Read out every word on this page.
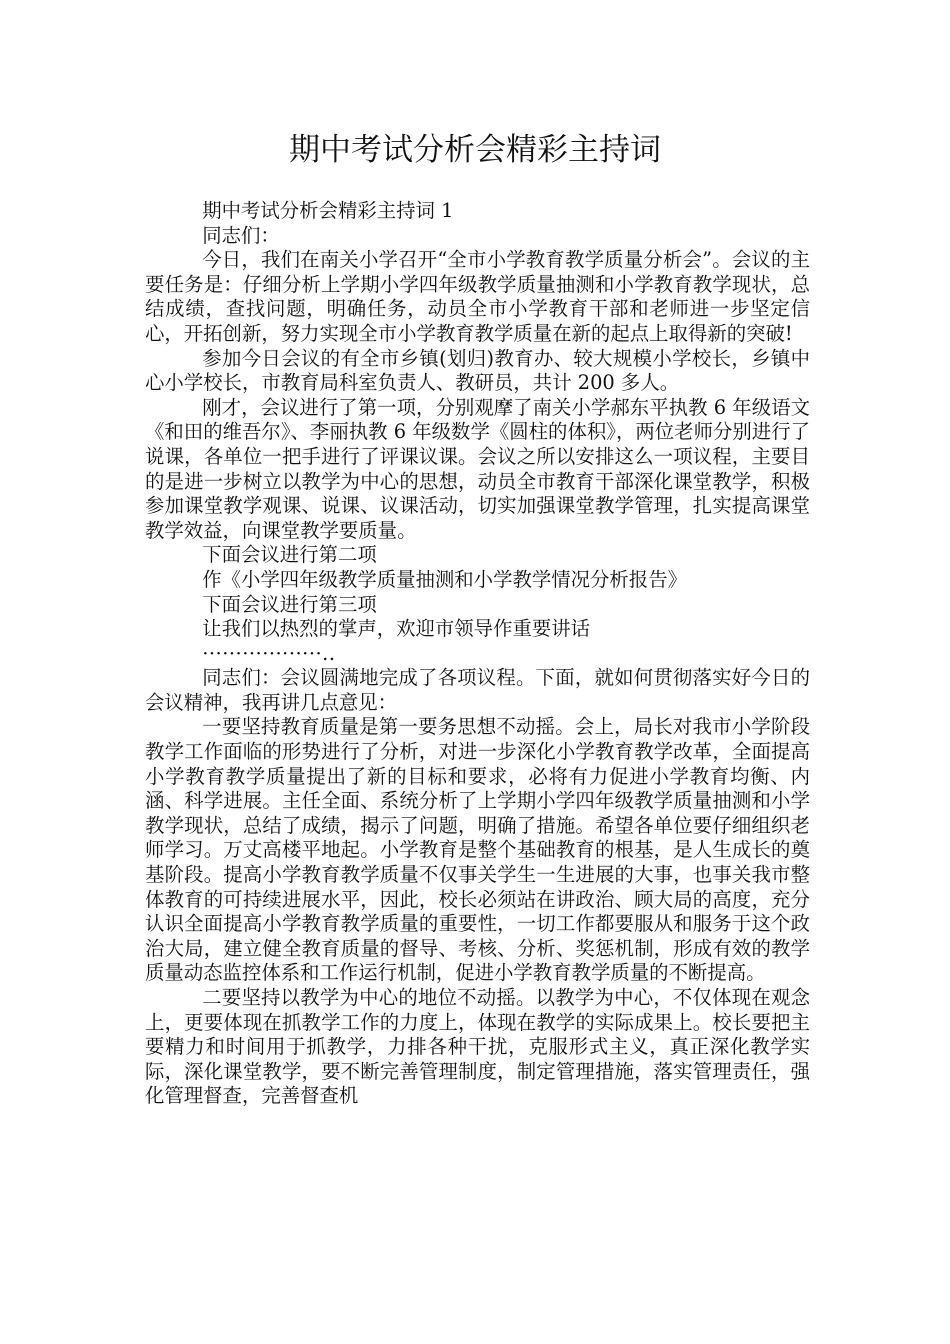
期中考试分析会精彩主持词

期中考试分析会精彩主持词 1

同志们：

今日，我们在南关小学召开“全市小学教育教学质量分析会”。会议的主要任务是：仔细分析上学期小学四年级教学质量抽测和小学教育教学现状，总结成绩，查找问题，明确任务，动员全市小学教育干部和老师进一步坚定信心，开拓创新，努力实现全市小学教育教学质量在新的起点上取得新的突破!

参加今日会议的有全市乡镇(划归)教育办、较大规模小学校长，乡镇中心小学校长，市教育局科室负责人、教研员，共计 200 多人。

刚才，会议进行了第一项，分别观摩了南关小学郝东平执教 6 年级语文《和田的维吾尔》、李丽执教 6 年级数学《圆柱的体积》，两位老师分别进行了说课，各单位一把手进行了评课议课。会议之所以安排这么一项议程，主要目的是进一步树立以教学为中心的思想，动员全市教育干部深化课堂教学，积极参加课堂教学观课、说课、议课活动，切实加强课堂教学管理，扎实提高课堂教学效益，向课堂教学要质量。

下面会议进行第二项

作《小学四年级教学质量抽测和小学教学情况分析报告》

下面会议进行第三项

让我们以热烈的掌声，欢迎市领导作重要讲话

··················..

同志们：会议圆满地完成了各项议程。下面，就如何贯彻落实好今日的会议精神，我再讲几点意见：

一要坚持教育质量是第一要务思想不动摇。会上，局长对我市小学阶段教学工作面临的形势进行了分析，对进一步深化小学教育教学改革，全面提高小学教育教学质量提出了新的目标和要求，必将有力促进小学教育均衡、内涵、科学进展。主任全面、系统分析了上学期小学四年级教学质量抽测和小学教学现状，总结了成绩，揭示了问题，明确了措施。希望各单位要仔细组织老师学习。万丈高楼平地起。小学教育是整个基础教育的根基，是人生成长的奠基阶段。提高小学教育教学质量不仅事关学生一生进展的大事，也事关我市整体教育的可持续进展水平，因此，校长必须站在讲政治、顾大局的高度，充分认识全面提高小学教育教学质量的重要性，一切工作都要服从和服务于这个政治大局，建立健全教育质量的督导、考核、分析、奖惩机制，形成有效的教学质量动态监控体系和工作运行机制，促进小学教育教学质量的不断提高。

二要坚持以教学为中心的地位不动摇。以教学为中心，不仅体现在观念上，更要体现在抓教学工作的力度上，体现在教学的实际成果上。校长要把主要精力和时间用于抓教学，力排各种干扰，克服形式主义，真正深化教学实际，深化课堂教学，要不断完善管理制度，制定管理措施，落实管理责任，强化管理督查，完善督查机
